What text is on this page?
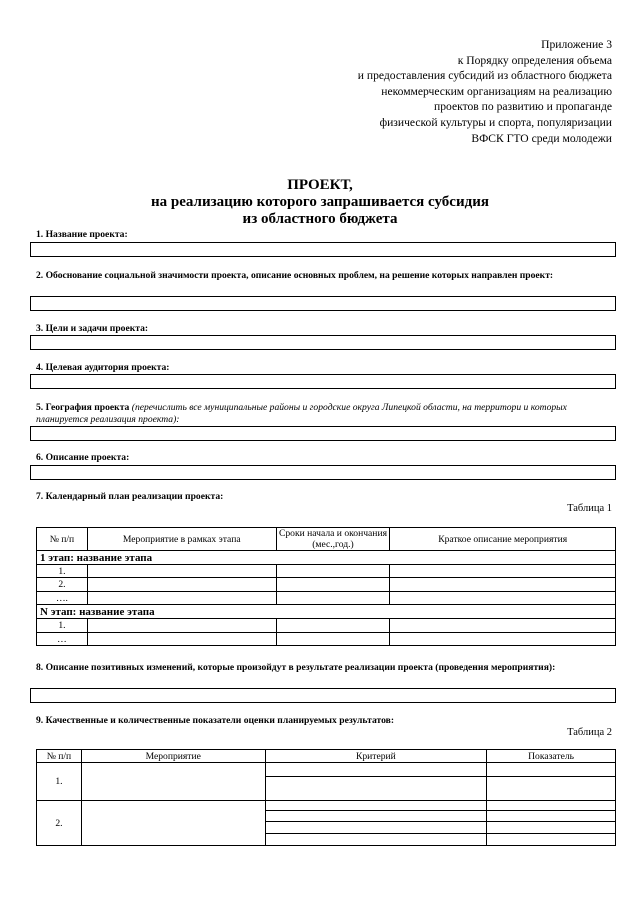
Приложение 3
к Порядку определения объема
и предоставления субсидий из областного бюджета
некоммерческим организациям на реализацию
проектов по развитию и пропаганде
физической культуры и спорта, популяризации
ВФСК ГТО среди молодежи
ПРОЕКТ,
на реализацию которого запрашивается субсидия
из областного бюджета
1. Название проекта:
2. Обоснование социальной значимости проекта, описание основных проблем, на решение которых направлен проект:
3. Цели и задачи проекта:
4. Целевая аудитория проекта:
5. География проекта (перечислить все муниципальные районы и городские округа Липецкой области, на территори и которых планируется реализация проекта):
6. Описание проекта:
7. Календарный план реализации проекта:
Таблица 1
№ п/п	Мероприятие в рамках этапа	Сроки начала и окончания (мес.,год.)	Краткое описание мероприятия
1 этап: название этапа			
1.			
2.			
….			
N этап: название этапа			
1.			
…			
8. Описание позитивных изменений, которые произойдут в результате реализации проекта (проведения мероприятия):
9. Качественные и количественные показатели оценки планируемых результатов:
Таблица 2
№ п/п	Мероприятие	Критерий	Показатель
1.			

2.			
